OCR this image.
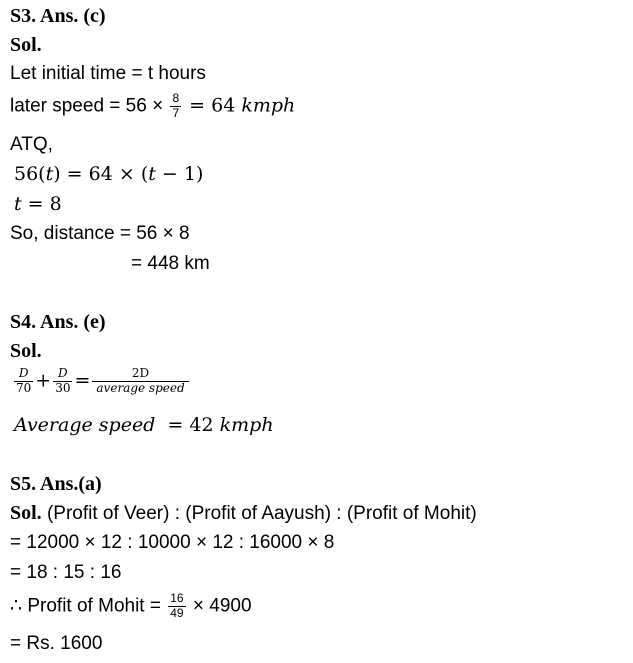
S3. Ans. (c)
Sol.
Let initial time = t hours
later speed = $56 \times \frac{8}{7} = 64$ kmph
ATQ,
56(t) = 64 × (t − 1)
t = 8
So, distance = 56 × 8
= 448 km
S4. Ans. (e)
Sol.
$\frac{D}{70} + \frac{D}{30} = \frac{2D}{\text{average speed}}$
Average speed  = 42 kmph
S5. Ans.(a)
Sol. (Profit of Veer) : (Profit of Aayush) : (Profit of Mohit)
= 12000 × 12 : 10000 × 12 : 16000 × 8
= 18 : 15 : 16
∴ Profit of Mohit = $\frac{16}{49} \times 4900$
= Rs. 1600
